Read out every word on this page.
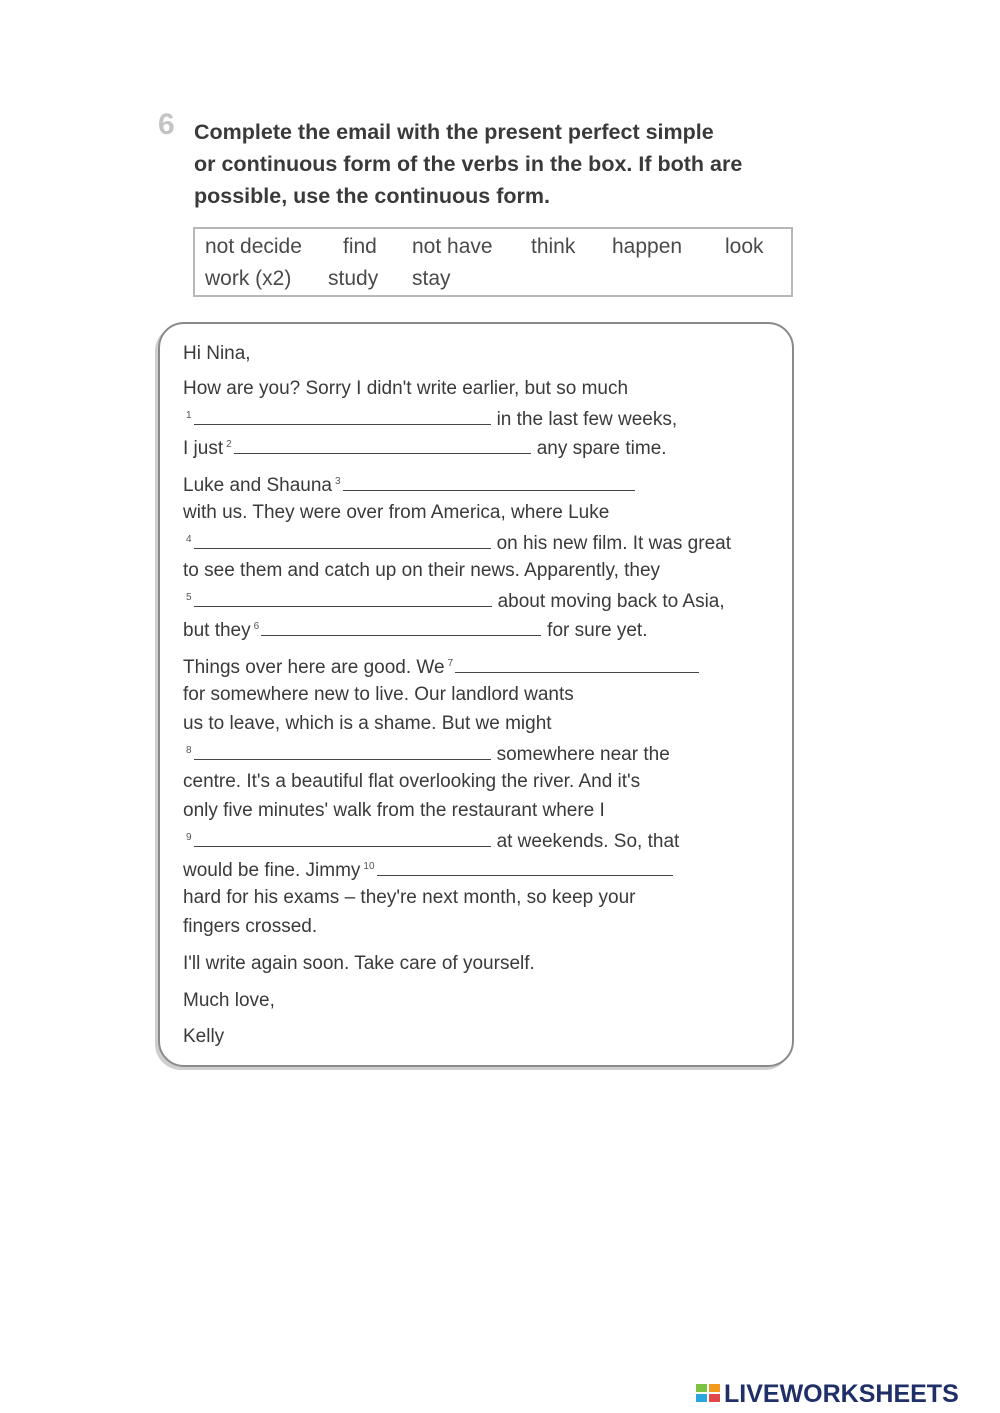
6 Complete the email with the present perfect simple
or continuous form of the verbs in the box. If both are
possible, use the continuous form.
not decide find not have think happen look
work (x2) study stay
Hi Nina,
How are you? Sorry I didn't write earlier, but so much
$^1$	in the last few weeks,
I just $^2$	any spare time.
Luke and Shauna $^3$
with us. They were over from America, where Luke
$^4$	on his new film. It was great
to see them and catch up on their news. Apparently, they
$^5$	about moving back to Asia,
but they $^6$	for sure yet.
Things over here are good. We $^7$
for somewhere new to live. Our landlord wants
us to leave, which is a shame. But we might
$^8$	somewhere near the
centre. It's a beautiful flat overlooking the river. And it's
only five minutes' walk from the restaurant where I
$^9$	at weekends. So, that
would be fine. Jimmy $^{10}$
hard for his exams – they're next month, so keep your
fingers crossed.
I'll write again soon. Take care of yourself.
Much love,
Kelly
LIVEWORKSHEETS
